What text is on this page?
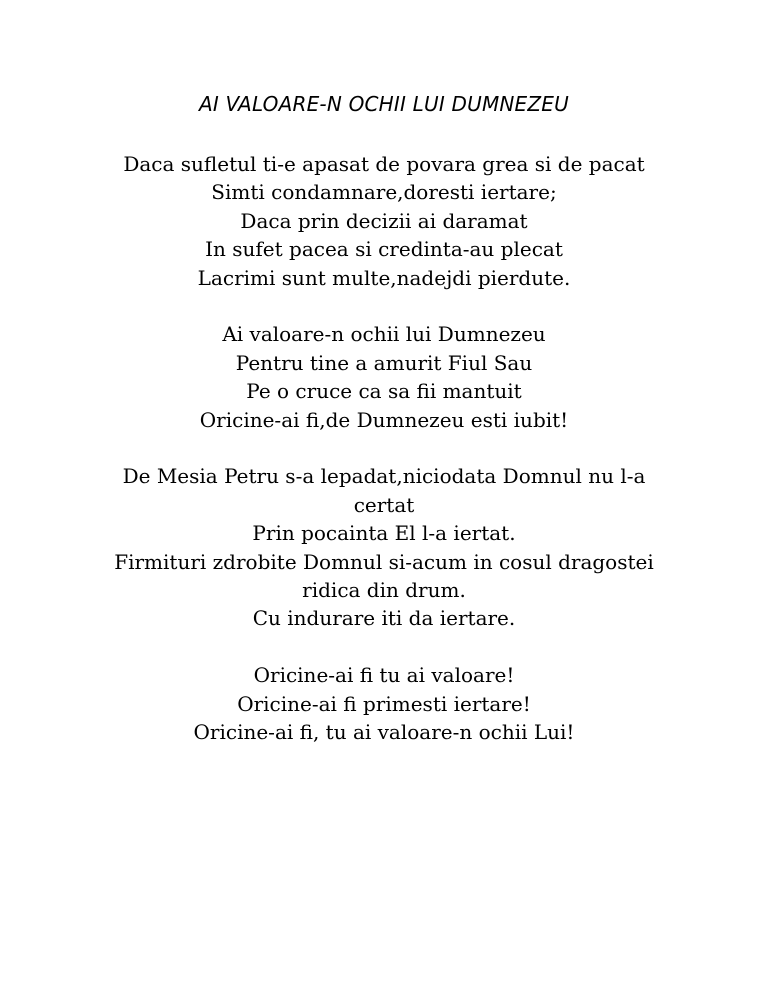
AI VALOARE-N OCHII LUI DUMNEZEU
Daca sufletul ti-e apasat de povara grea si de pacat
Simti condamnare,doresti iertare;
Daca prin decizii ai daramat
In sufet pacea si credinta-au plecat
Lacrimi sunt multe,nadejdi pierdute.
Ai valoare-n ochii lui Dumnezeu
Pentru tine a amurit Fiul Sau
Pe o cruce ca sa fii mantuit
Oricine-ai fi,de Dumnezeu esti iubit!
De Mesia Petru s-a lepadat,niciodata Domnul nu l-a
certat
Prin pocainta El l-a iertat.
Firmituri zdrobite Domnul si-acum in cosul dragostei
ridica din drum.
Cu indurare iti da iertare.
Oricine-ai fi tu ai valoare!
Oricine-ai fi primesti iertare!
Oricine-ai fi, tu ai valoare-n ochii Lui!
